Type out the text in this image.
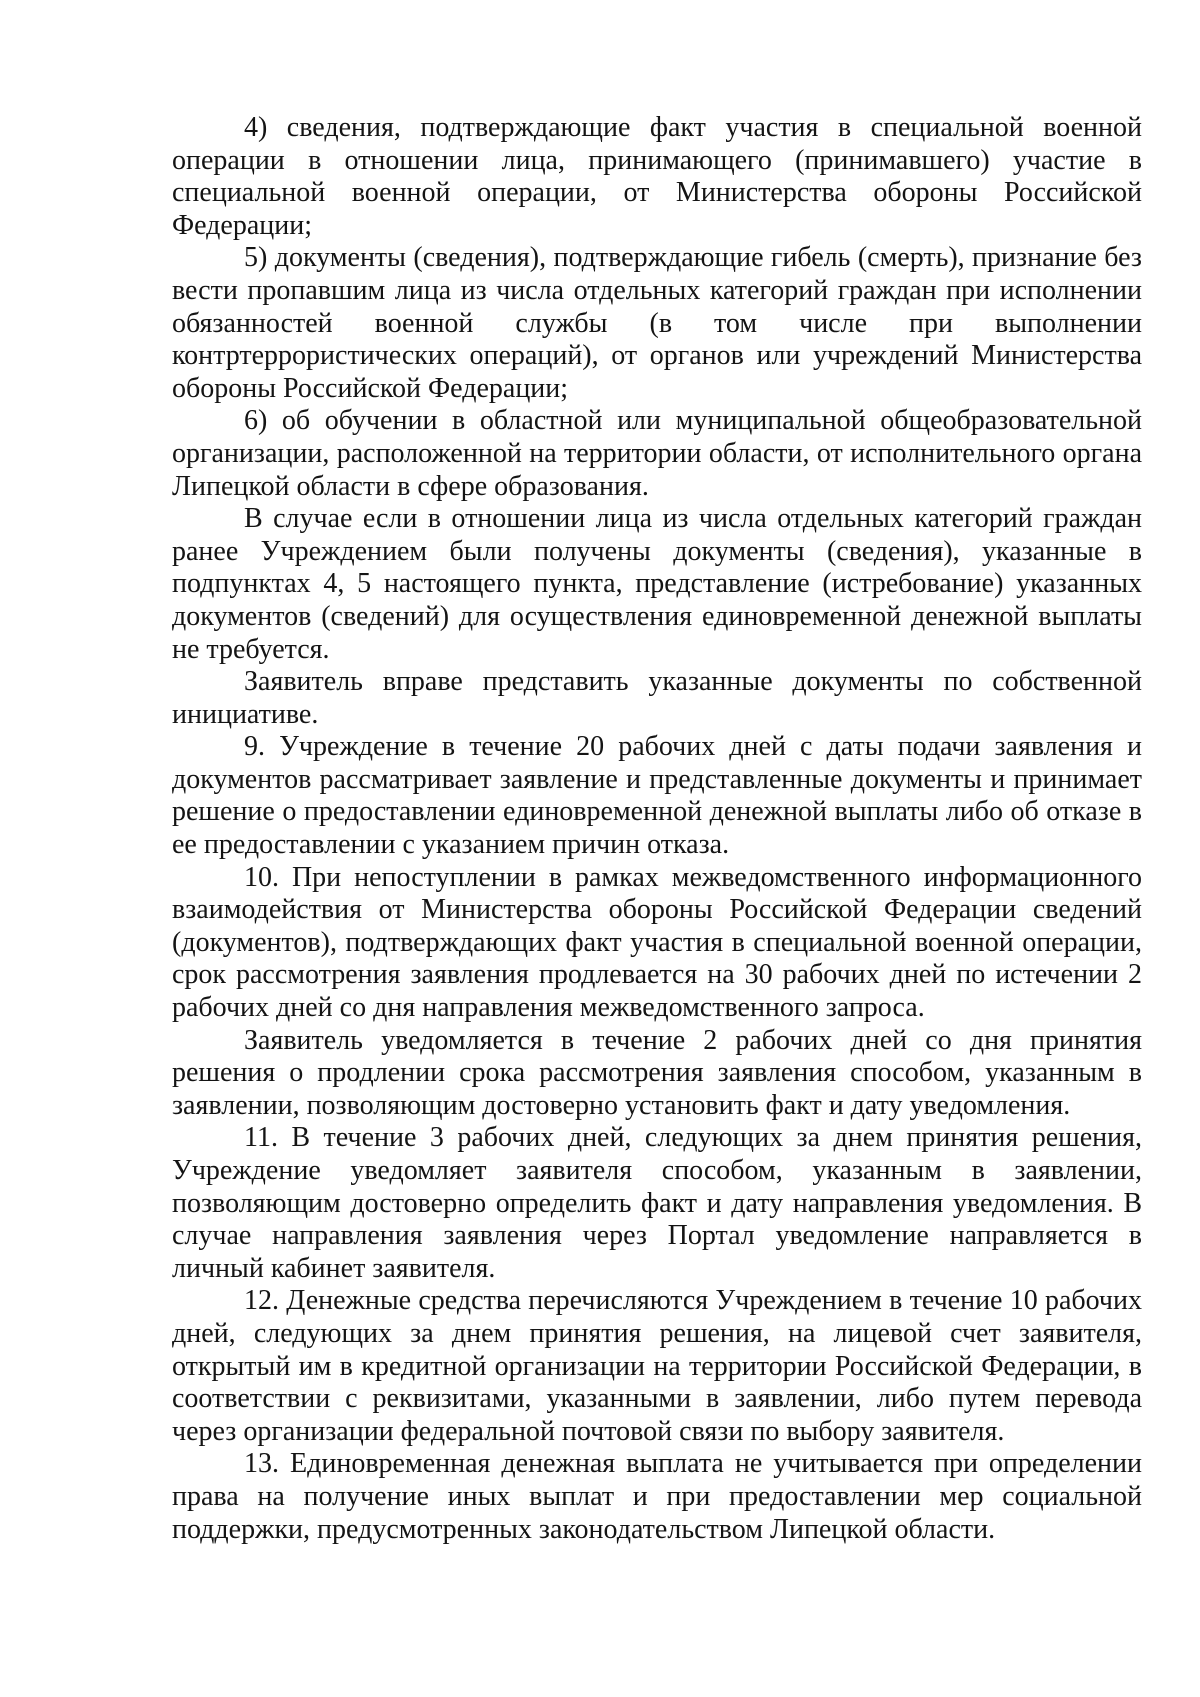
4) сведения, подтверждающие факт участия в специальной военной операции в отношении лица, принимающего (принимавшего) участие в специальной военной операции, от Министерства обороны Российской Федерации;

5) документы (сведения), подтверждающие гибель (смерть), признание без вести пропавшим лица из числа отдельных категорий граждан при исполнении обязанностей военной службы (в том числе при выполнении контртеррористических операций), от органов или учреждений Министерства обороны Российской Федерации;

6) об обучении в областной или муниципальной общеобразовательной организации, расположенной на территории области, от исполнительного органа Липецкой области в сфере образования.

В случае если в отношении лица из числа отдельных категорий граждан ранее Учреждением были получены документы (сведения), указанные в подпунктах 4, 5 настоящего пункта, представление (истребование) указанных документов (сведений) для осуществления единовременной денежной выплаты не требуется.

Заявитель вправе представить указанные документы по собственной инициативе.

9. Учреждение в течение 20 рабочих дней с даты подачи заявления и документов рассматривает заявление и представленные документы и принимает решение о предоставлении единовременной денежной выплаты либо об отказе в ее предоставлении с указанием причин отказа.

10. При непоступлении в рамках межведомственного информационного взаимодействия от Министерства обороны Российской Федерации сведений (документов), подтверждающих факт участия в специальной военной операции, срок рассмотрения заявления продлевается на 30 рабочих дней по истечении 2 рабочих дней со дня направления межведомственного запроса.

Заявитель уведомляется в течение 2 рабочих дней со дня принятия решения о продлении срока рассмотрения заявления способом, указанным в заявлении, позволяющим достоверно установить факт и дату уведомления.

11. В течение 3 рабочих дней, следующих за днем принятия решения, Учреждение уведомляет заявителя способом, указанным в заявлении, позволяющим достоверно определить факт и дату направления уведомления. В случае направления заявления через Портал уведомление направляется в личный кабинет заявителя.

12. Денежные средства перечисляются Учреждением в течение 10 рабочих дней, следующих за днем принятия решения, на лицевой счет заявителя, открытый им в кредитной организации на территории Российской Федерации, в соответствии с реквизитами, указанными в заявлении, либо путем перевода через организации федеральной почтовой связи по выбору заявителя.

13. Единовременная денежная выплата не учитывается при определении права на получение иных выплат и при предоставлении мер социальной поддержки, предусмотренных законодательством Липецкой области.
